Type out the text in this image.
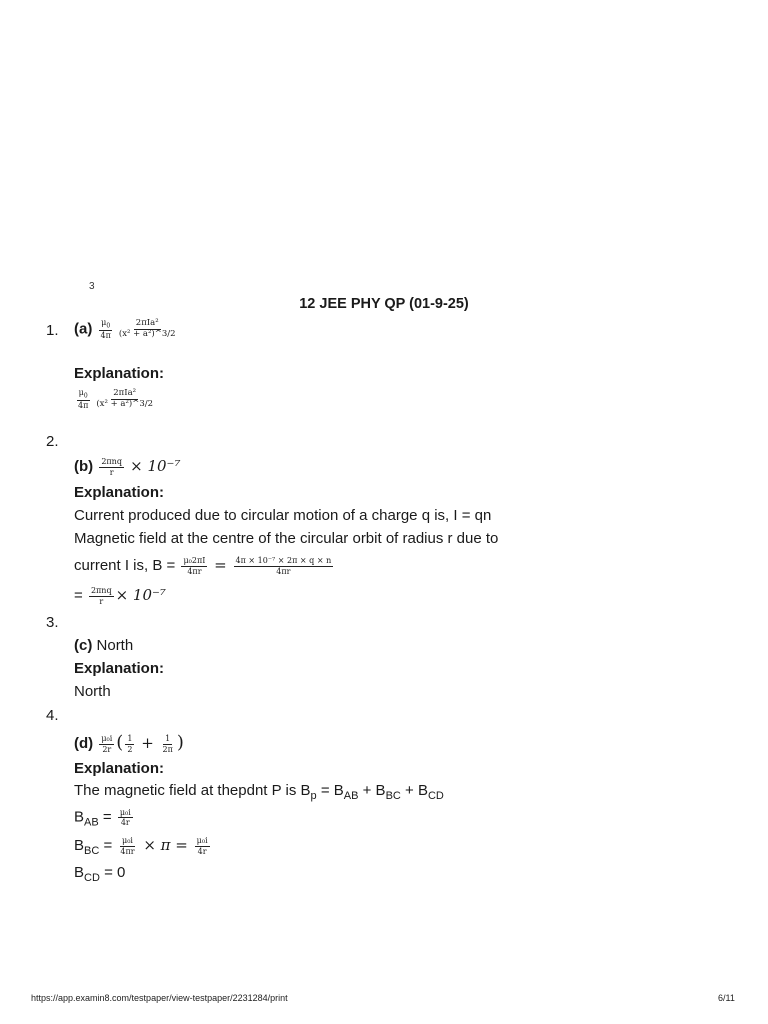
3
12 JEE PHY QP (01-9-25)
1. $(a) \frac{\mu_0}{4\pi} \frac{\text{2πIa²}}{\text{(x² + a²)\textasciicircum{}3/2}}$
Explanation:
$\frac{\mu_0}{4\pi} \frac{\text{2πIa²}}{\text{(x² + a²)\textasciicircum{}3/2}}$
2.
$(b) \frac{\text{2πnq}}{r} \times 10^{-7}$
Explanation:
Current produced due to circular motion of a charge q is, I = qn
Magnetic field at the centre of the circular orbit of radius r due to
current I is, $B = \frac{\text{μ₀2πI}}{4\pi r} = \frac{\text{4π × 10⁻⁷ × 2π × q × n}}{4\pi r}$
= $\frac{\text{2πnq}}{r} \times 10^{-7}$
3.
(c) North
Explanation:
North
4.
$(d) \frac{\text{μ₀i}}{2r}$ ( $\frac{1}{2} + \frac{1}{2\pi}$ )
Explanation:
The magnetic field at thepdnt P is $B_p = B_{AB} + B_{BC} + B_{CD}$
$B_{AB} = \frac{\text{μ₀i}}{4r}$
$B_{BC} = \frac{\text{μ₀i}}{4\pi r} \times \pi = \frac{\text{μ₀i}}{4r}$
$B_{CD} = 0$
https://app.examin8.com/testpaper/view-testpaper/2231284/print	6/11
